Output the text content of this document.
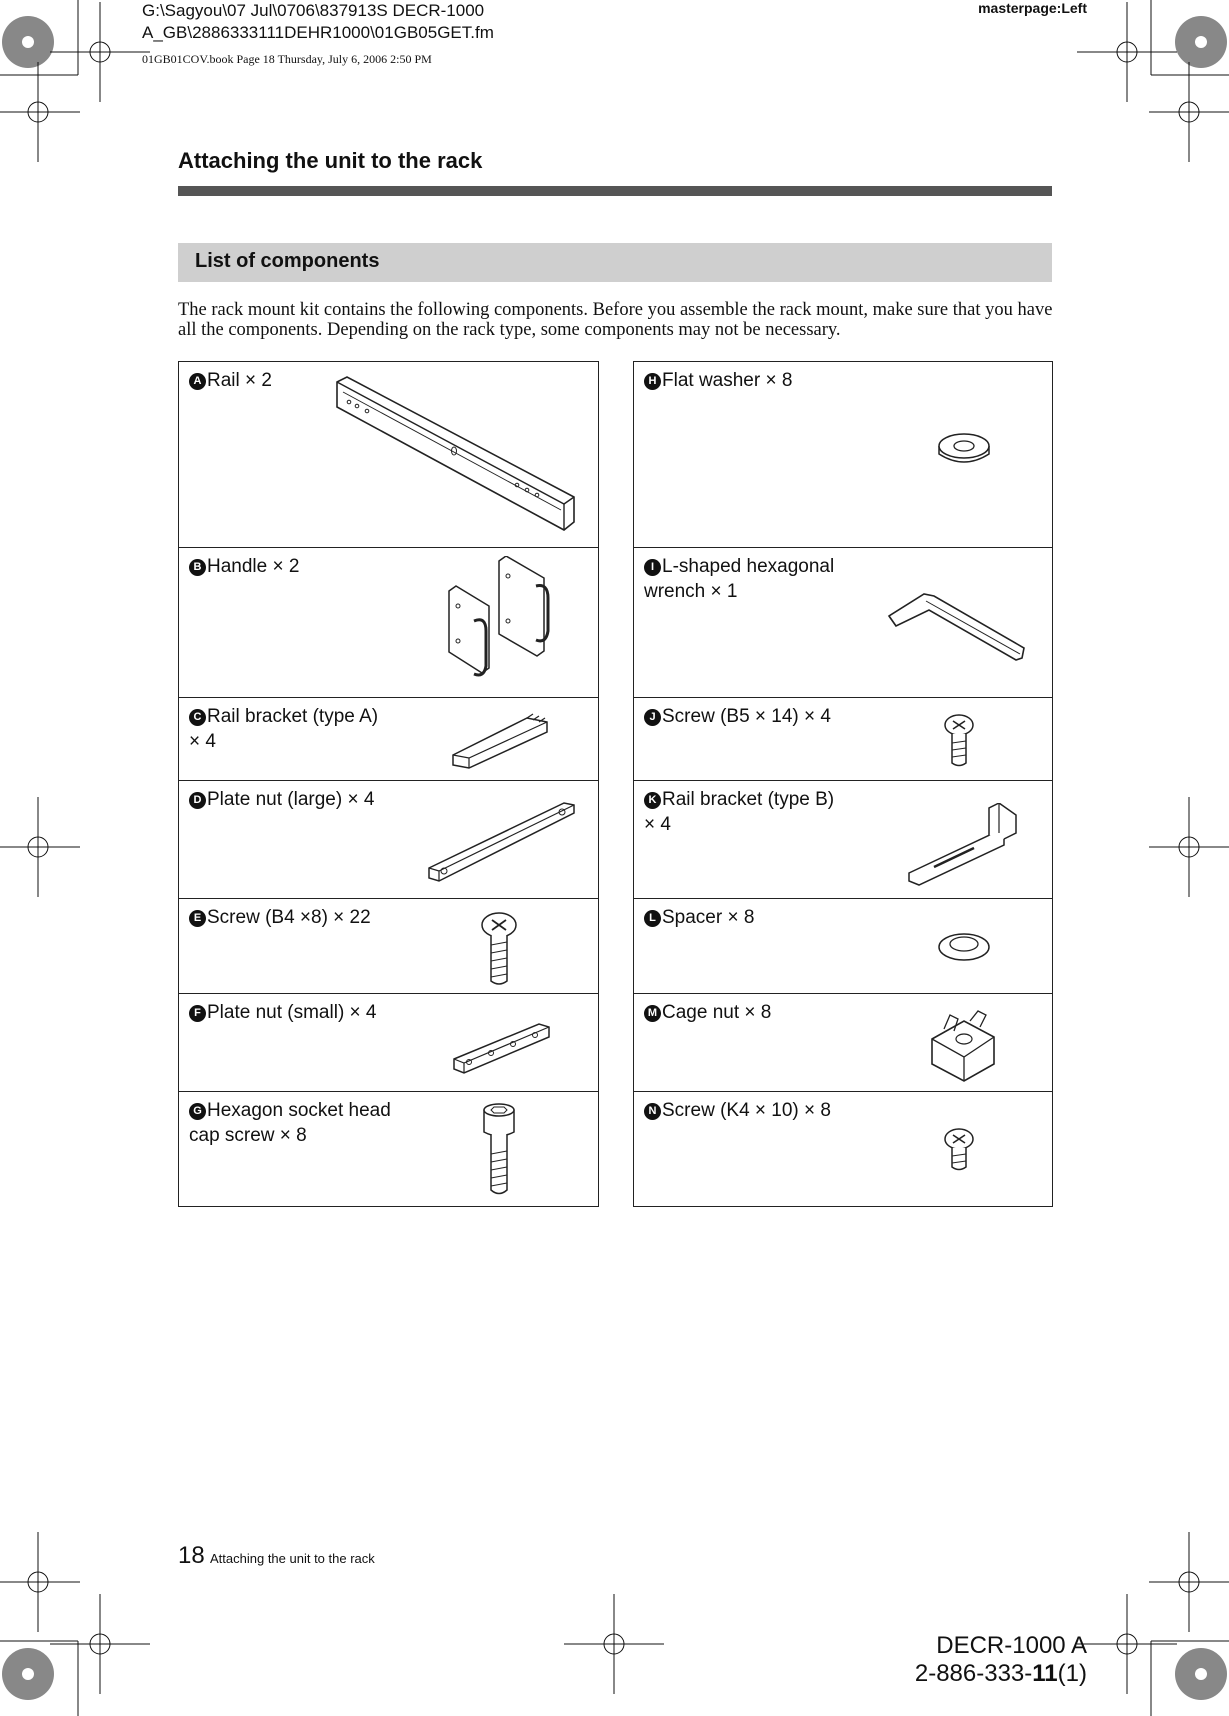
G:\Sagyou\07 Jul\0706\837913S DECR-1000
A_GB\2886333111DEHR1000\01GB05GET.fm
masterpage:Left
01GB01COV.book Page 18 Thursday, July 6, 2006 2:50 PM
Attaching the unit to the rack
List of components
The rack mount kit contains the following components. Before you assemble the rack mount, make sure that you have all the components. Depending on the rack type, some components may not be necessary.
A Rail × 2

B Handle × 2

C Rail bracket (type A)
× 4

D Plate nut (large) × 4

E Screw (B4 ×8) × 22

F Plate nut (small) × 4

G Hexagon socket head
cap screw × 8
H Flat washer × 8

I L-shaped hexagonal
wrench × 1

J Screw (B5 × 14) × 4

K Rail bracket (type B)
× 4

L Spacer × 8

M Cage nut × 8

N Screw (K4 × 10) × 8
18 Attaching the unit to the rack
DECR-1000 A
2-886-333-11(1)
